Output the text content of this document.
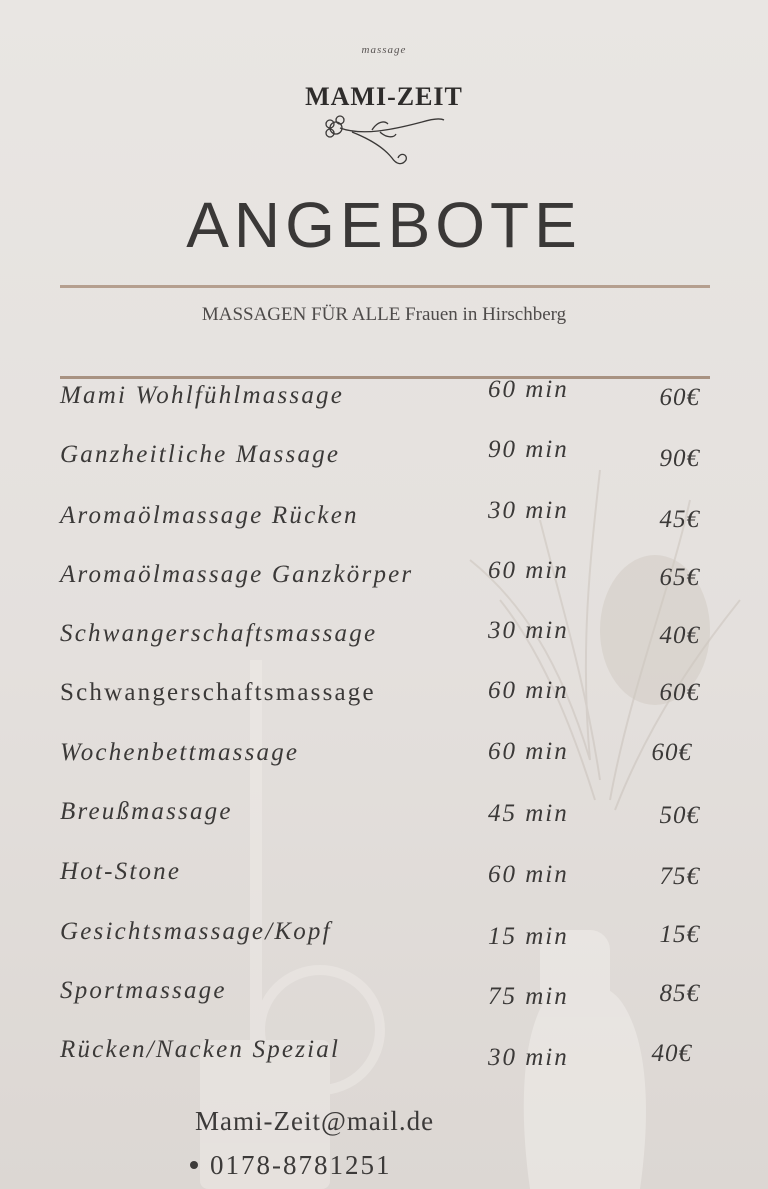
massage
MAMI-ZEIT
ANGEBOTE
MASSAGEN FÜR ALLE Frauen in Hirschberg
Mami Wohlfühlmassage	60 min	60€
Ganzheitliche Massage	90 min	90€
Aromaölmassage Rücken	30 min	45€
Aromaölmassage Ganzkörper	60 min	65€
Schwangerschaftsmassage	30 min	40€
Schwangerschaftsmassage	60 min	60€
Wochenbettmassage	60 min	60€
Breußmassage	45 min	50€
Hot-Stone	60 min	75€
Gesichtsmassage/Kopf	15 min	15€
Sportmassage	75 min	85€
Rücken/Nacken Spezial	30 min	40€
Mami-Zeit@mail.de
0178-8781251
